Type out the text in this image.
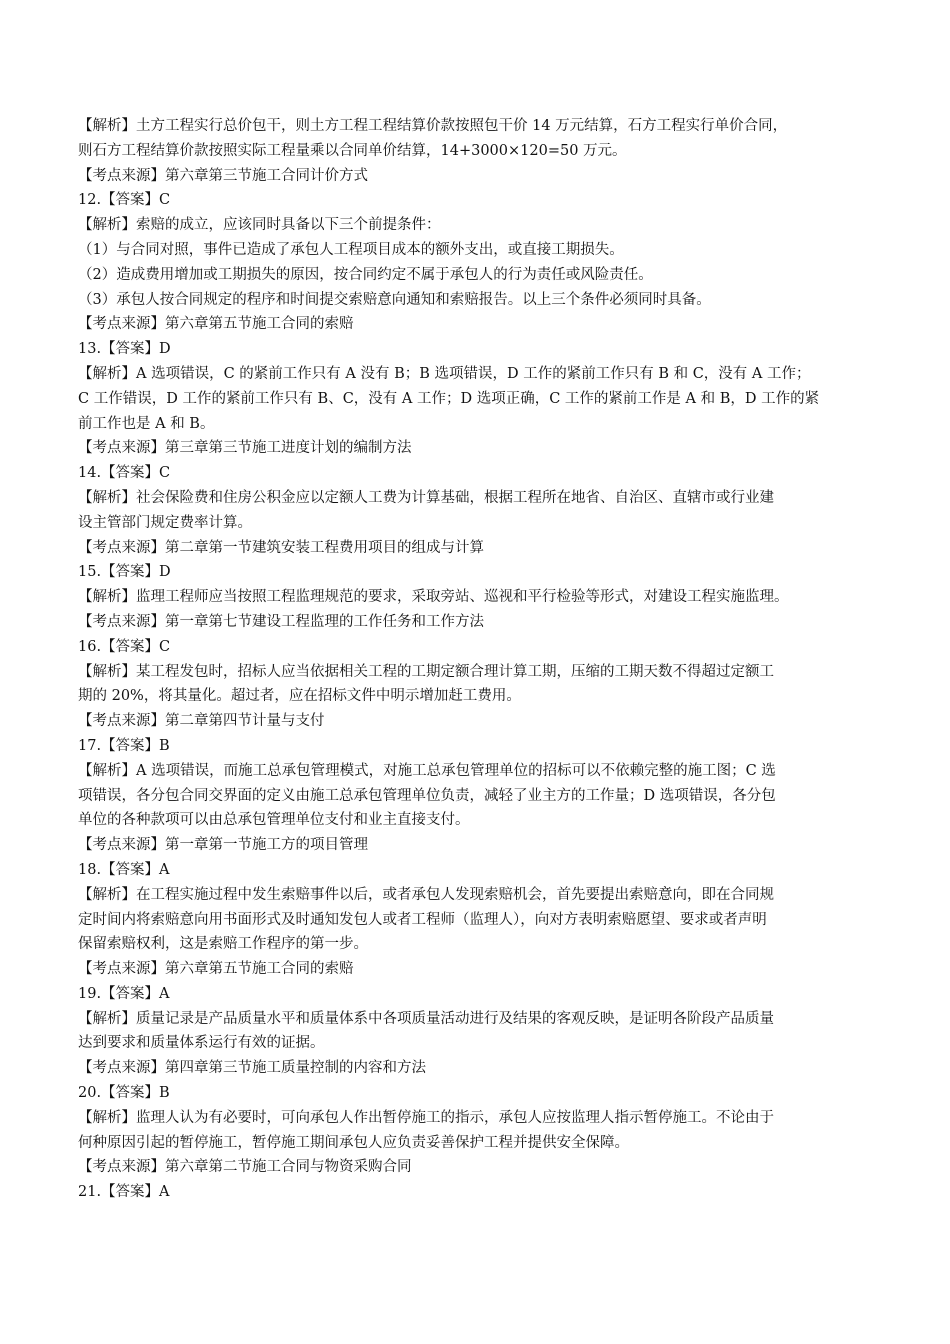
【解析】土方工程实行总价包干，则土方工程工程结算价款按照包干价 14 万元结算，石方工程实行单价合同，
则石方工程结算价款按照实际工程量乘以合同单价结算，14+3000×120=50 万元。
【考点来源】第六章第三节施工合同计价方式
12.【答案】C
【解析】索赔的成立，应该同时具备以下三个前提条件：
（1）与合同对照，事件已造成了承包人工程项目成本的额外支出，或直接工期损失。
（2）造成费用增加或工期损失的原因，按合同约定不属于承包人的行为责任或风险责任。
（3）承包人按合同规定的程序和时间提交索赔意向通知和索赔报告。以上三个条件必须同时具备。
【考点来源】第六章第五节施工合同的索赔
13.【答案】D
【解析】A 选项错误，C 的紧前工作只有 A 没有 B；B 选项错误，D 工作的紧前工作只有 B 和 C，没有 A 工作；
C 工作错误，D 工作的紧前工作只有 B、C，没有 A 工作；D 选项正确，C 工作的紧前工作是 A 和 B，D 工作的紧
前工作也是 A 和 B。
【考点来源】第三章第三节施工进度计划的编制方法
14.【答案】C
【解析】社会保险费和住房公积金应以定额人工费为计算基础，根据工程所在地省、自治区、直辖市或行业建
设主管部门规定费率计算。
【考点来源】第二章第一节建筑安装工程费用项目的组成与计算
15.【答案】D
【解析】监理工程师应当按照工程监理规范的要求，采取旁站、巡视和平行检验等形式，对建设工程实施监理。
【考点来源】第一章第七节建设工程监理的工作任务和工作方法
16.【答案】C
【解析】某工程发包时，招标人应当依据相关工程的工期定额合理计算工期，压缩的工期天数不得超过定额工
期的 20%，将其量化。超过者，应在招标文件中明示增加赶工费用。
【考点来源】第二章第四节计量与支付
17.【答案】B
【解析】A 选项错误，而施工总承包管理模式，对施工总承包管理单位的招标可以不依赖完整的施工图；C 选
项错误，各分包合同交界面的定义由施工总承包管理单位负责，减轻了业主方的工作量；D 选项错误，各分包
单位的各种款项可以由总承包管理单位支付和业主直接支付。
【考点来源】第一章第一节施工方的项目管理
18.【答案】A
【解析】在工程实施过程中发生索赔事件以后，或者承包人发现索赔机会，首先要提出索赔意向，即在合同规
定时间内将索赔意向用书面形式及时通知发包人或者工程师（监理人），向对方表明索赔愿望、要求或者声明
保留索赔权利，这是索赔工作程序的第一步。
【考点来源】第六章第五节施工合同的索赔
19.【答案】A
【解析】质量记录是产品质量水平和质量体系中各项质量活动进行及结果的客观反映，是证明各阶段产品质量
达到要求和质量体系运行有效的证据。
【考点来源】第四章第三节施工质量控制的内容和方法
20.【答案】B
【解析】监理人认为有必要时，可向承包人作出暂停施工的指示，承包人应按监理人指示暂停施工。不论由于
何种原因引起的暂停施工，暂停施工期间承包人应负责妥善保护工程并提供安全保障。
【考点来源】第六章第二节施工合同与物资采购合同
21.【答案】A
